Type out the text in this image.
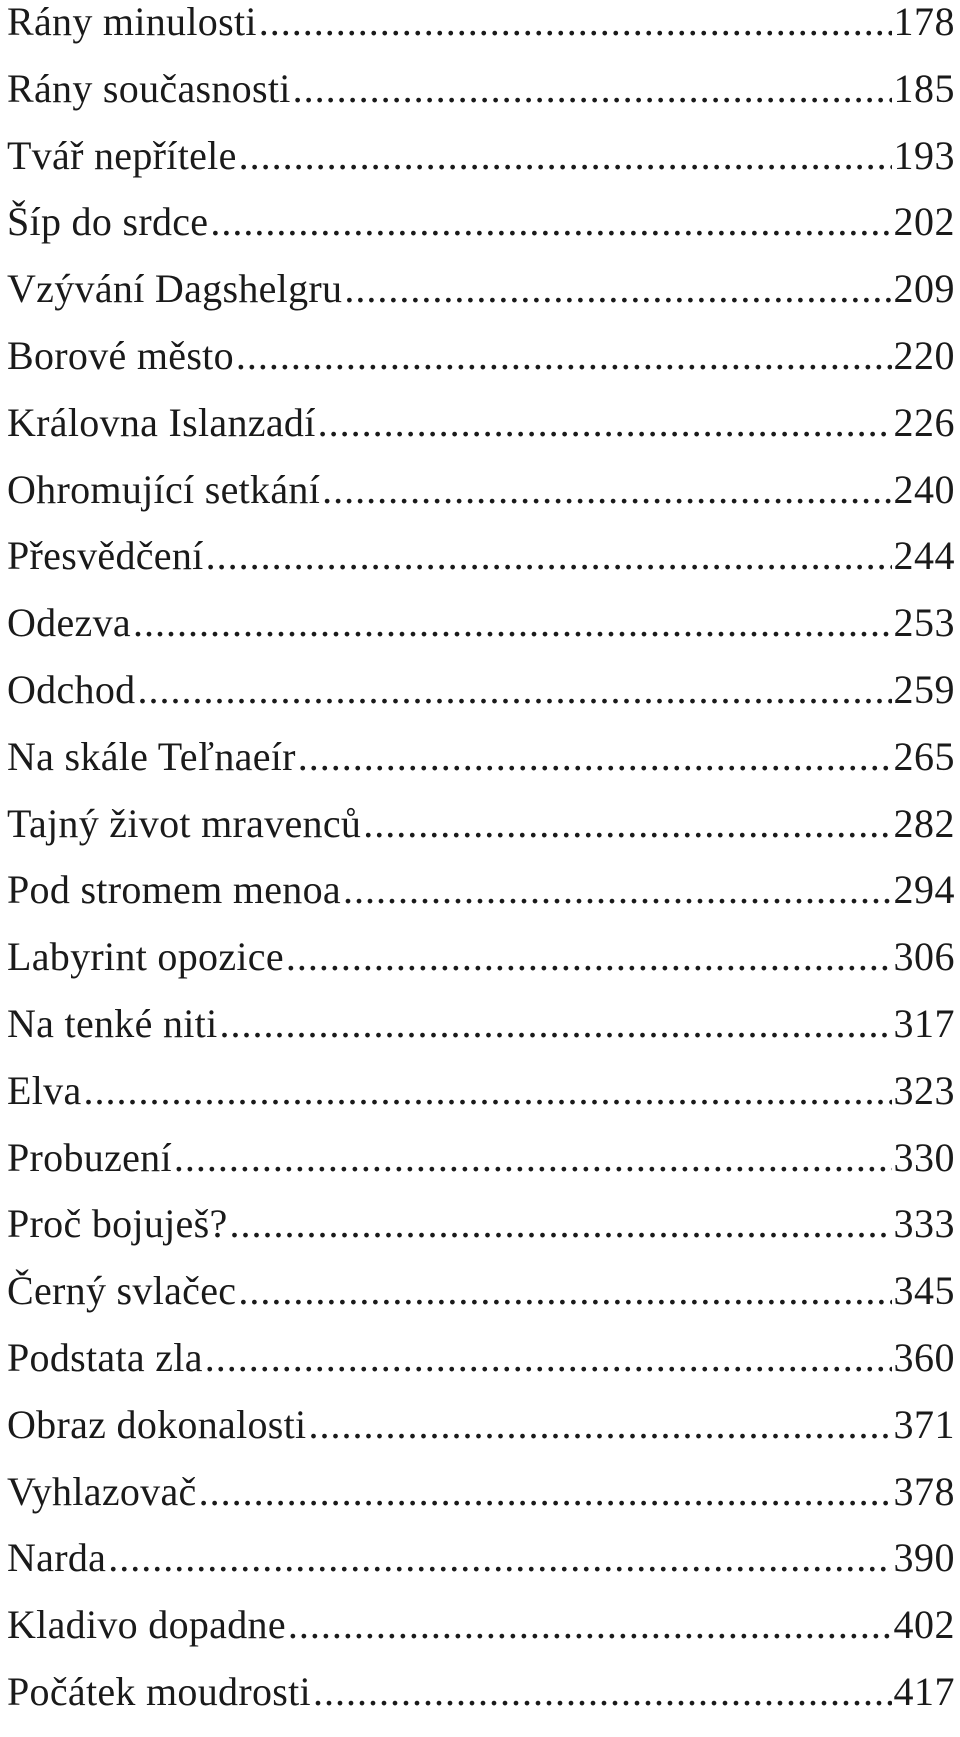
Rány minulosti .....	178
Rány současnosti .....	185
Tvář nepřítele .....	193
Šíp do srdce .....	202
Vzývání Dagshelgru .....	209
Borové město .....	220
Královna Islanzadí .....	226
Ohromující setkání .....	240
Přesvědčení .....	244
Odezva .....	253
Odchod .....	259
Na skále Teľnaeír .....	265
Tajný život mravenců .....	282
Pod stromem menoa .....	294
Labyrint opozice .....	306
Na tenké niti .....	317
Elva .....	323
Probuzení .....	330
Proč bojuješ? .....	333
Černý svlačec .....	345
Podstata zla .....	360
Obraz dokonalosti .....	371
Vyhlazovač .....	378
Narda .....	390
Kladivo dopadne .....	402
Počátek moudrosti .....	417
